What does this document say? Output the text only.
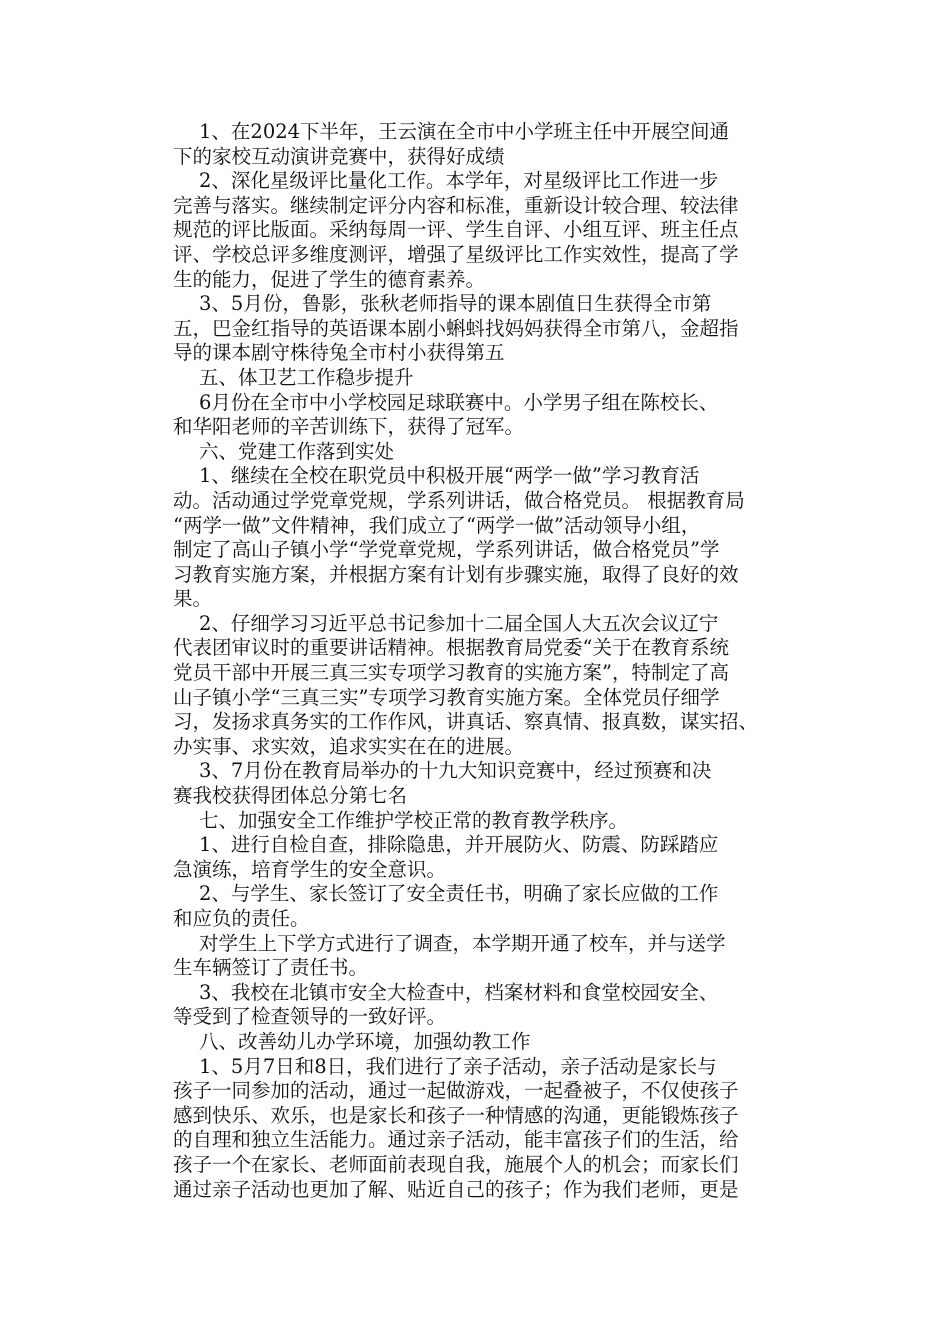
1、在2024下半年，王云演在全市中小学班主任中开展空间通
下的家校互动演讲竞赛中，获得好成绩
2、深化星级评比量化工作。本学年，对星级评比工作进一步
完善与落实。继续制定评分内容和标准，重新设计较合理、较法律
规范的评比版面。采纳每周一评、学生自评、小组互评、班主任点
评、学校总评多维度测评，增强了星级评比工作实效性，提高了学
生的能力，促进了学生的德育素养。
3、5月份，鲁影，张秋老师指导的课本剧值日生获得全市第
五，巴金红指导的英语课本剧小蝌蚪找妈妈获得全市第八，金超指
导的课本剧守株待兔全市村小获得第五
五、体卫艺工作稳步提升
6月份在全市中小学校园足球联赛中。小学男子组在陈校长、
和华阳老师的辛苦训练下，获得了冠军。
六、党建工作落到实处
1、继续在全校在职党员中积极开展“两学一做”学习教育活
动。活动通过学党章党规，学系列讲话，做合格党员。 根据教育局
“两学一做”文件精神，我们成立了“两学一做”活动领导小组，
制定了高山子镇小学“学党章党规，学系列讲话，做合格党员”学
习教育实施方案，并根据方案有计划有步骤实施，取得了良好的效
果。
2、仔细学习习近平总书记参加十二届全国人大五次会议辽宁
代表团审议时的重要讲话精神。根据教育局党委“关于在教育系统
党员干部中开展三真三实专项学习教育的实施方案”，特制定了高
山子镇小学“三真三实”专项学习教育实施方案。全体党员仔细学
习，发扬求真务实的工作作风，讲真话、察真情、报真数，谋实招、
办实事、求实效，追求实实在在的进展。
3、7月份在教育局举办的十九大知识竞赛中，经过预赛和决
赛我校获得团体总分第七名
七、加强安全工作维护学校正常的教育教学秩序。
1、进行自检自查，排除隐患，并开展防火、防震、防踩踏应
急演练，培育学生的安全意识。
2、与学生、家长签订了安全责任书，明确了家长应做的工作
和应负的责任。
对学生上下学方式进行了调查，本学期开通了校车，并与送学
生车辆签订了责任书。
3、我校在北镇市安全大检查中，档案材料和食堂校园安全、
等受到了检查领导的一致好评。
八、改善幼儿办学环境，加强幼教工作
1、5月7日和8日，我们进行了亲子活动，亲子活动是家长与
孩子一同参加的活动，通过一起做游戏，一起叠被子，不仅使孩子
感到快乐、欢乐，也是家长和孩子一种情感的沟通，更能锻炼孩子
的自理和独立生活能力。通过亲子活动，能丰富孩子们的生活，给
孩子一个在家长、老师面前表现自我，施展个人的机会；而家长们
通过亲子活动也更加了解、贴近自己的孩子；作为我们老师，更是
